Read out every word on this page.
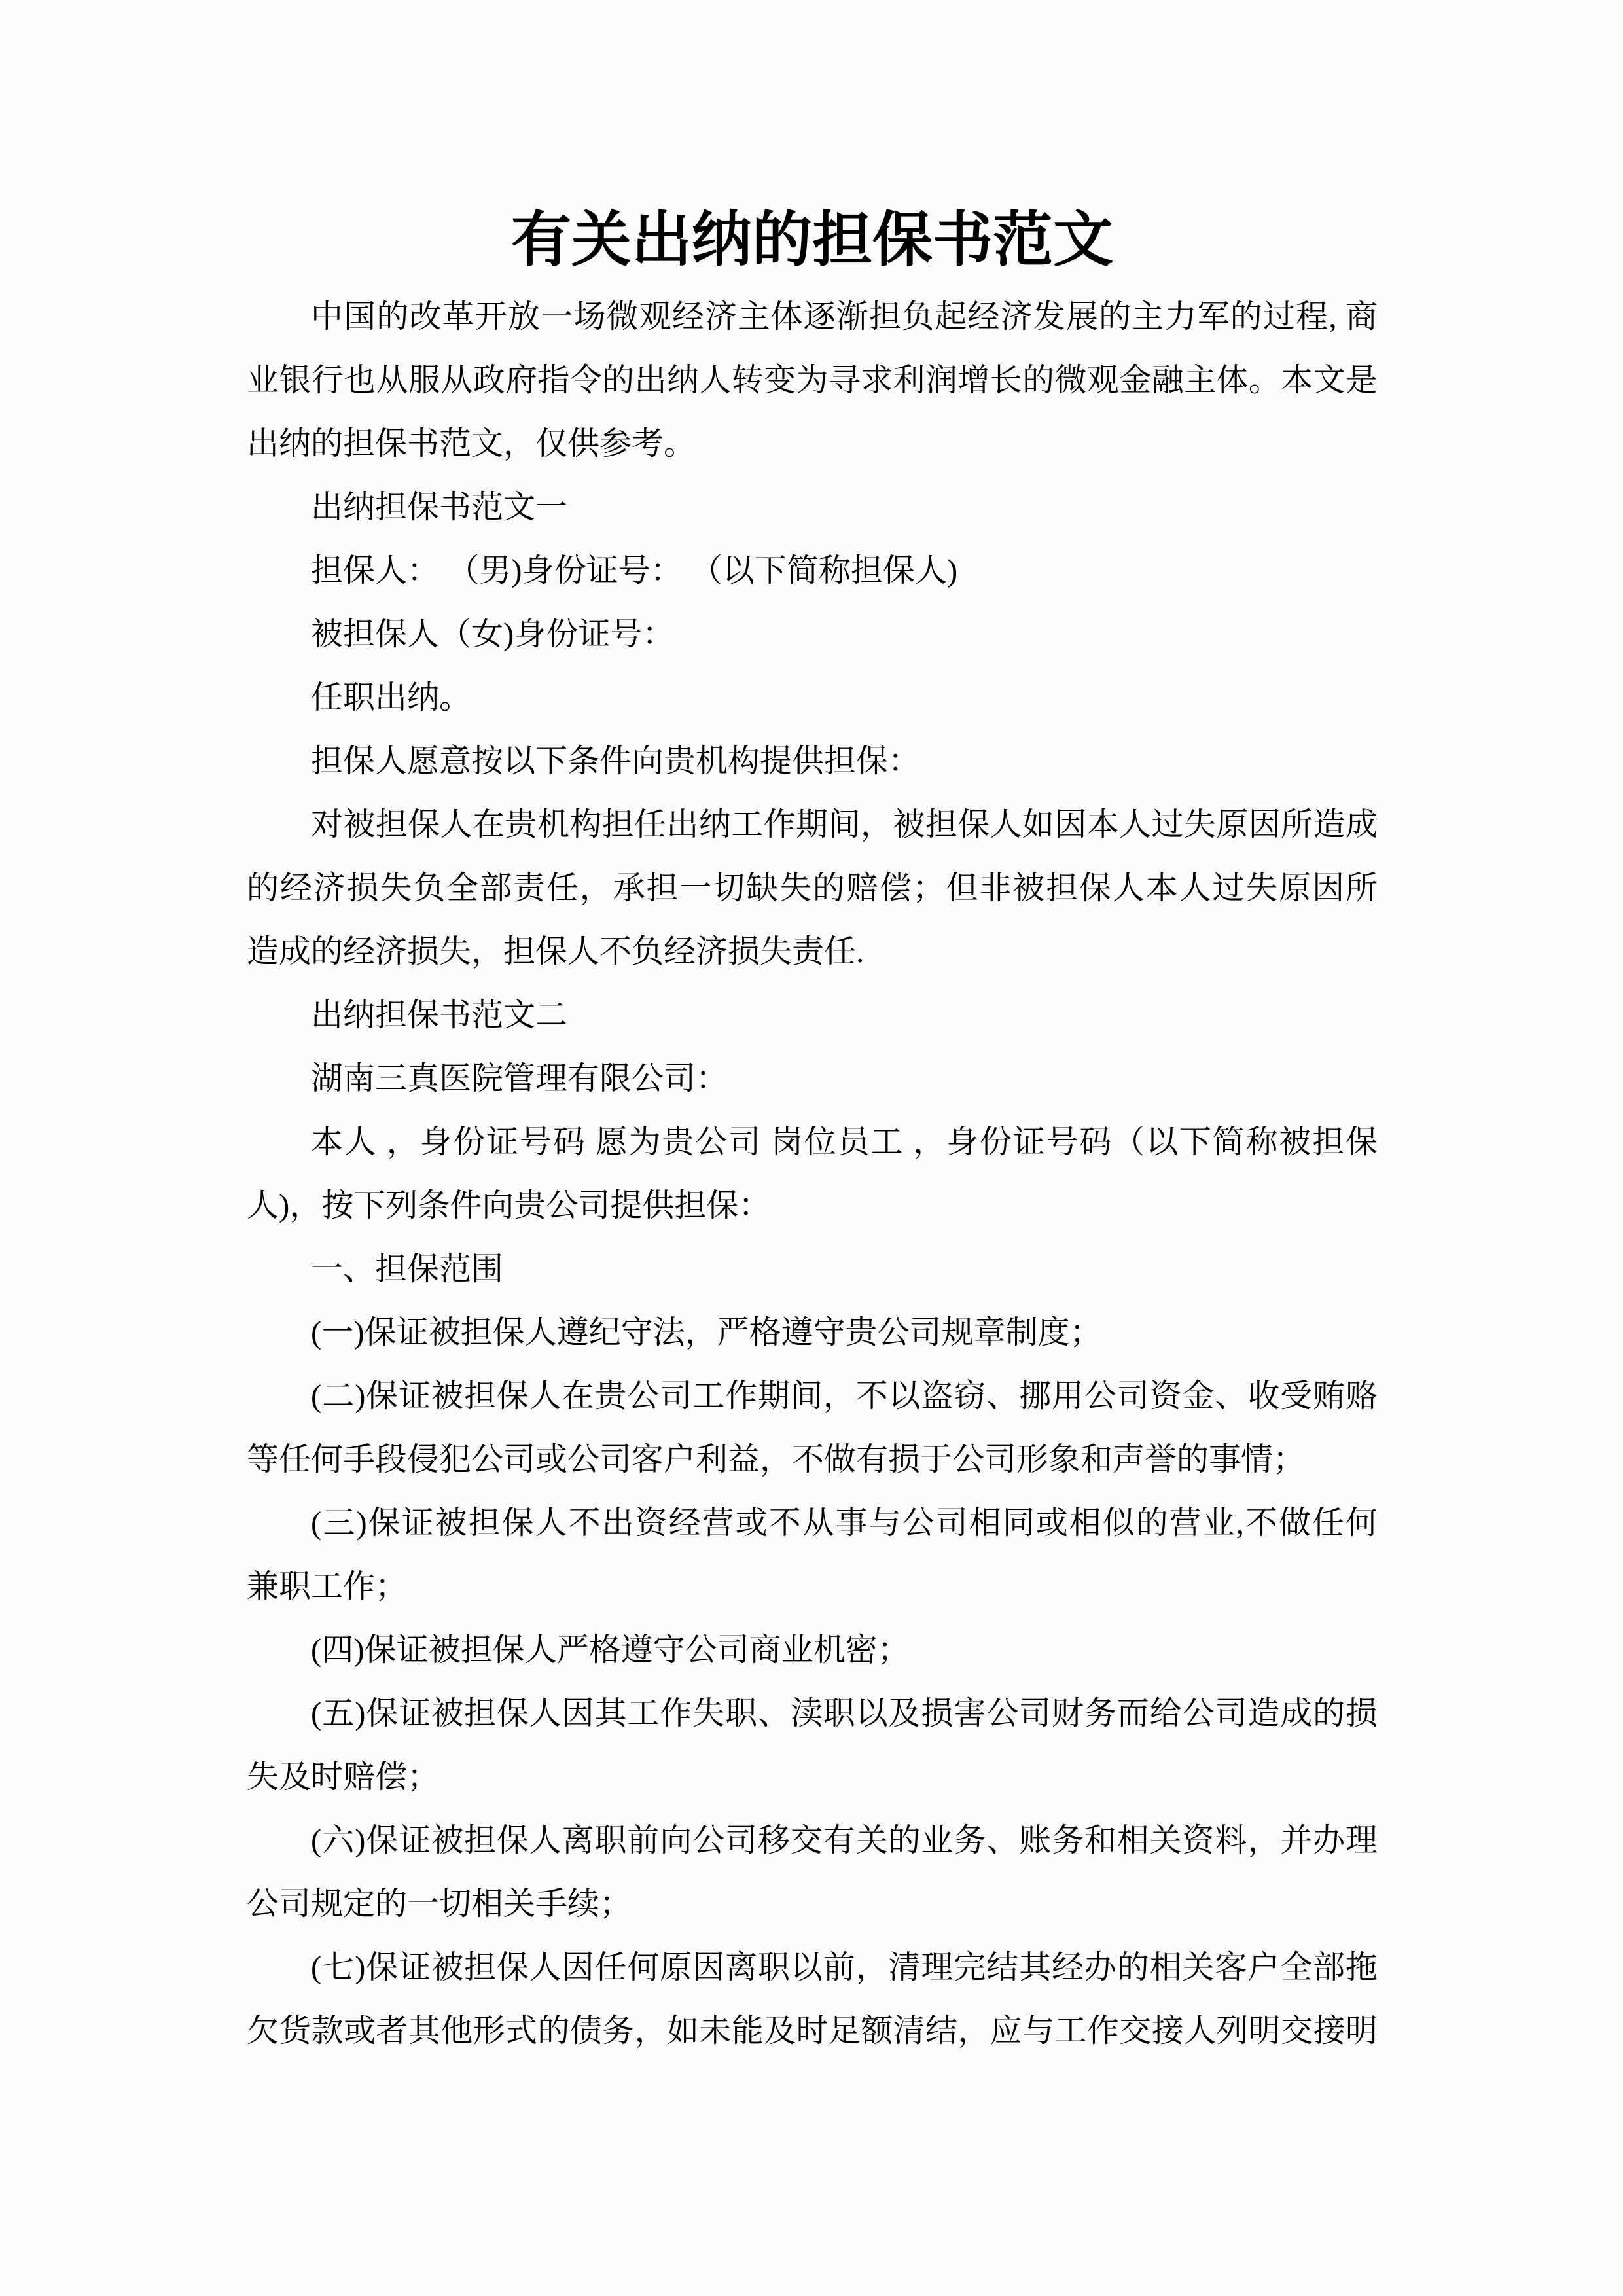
有关出纳的担保书范文
中国的改革开放一场微观经济主体逐渐担负起经济发展的主力军的过程, 商
业银行也从服从政府指令的出纳人转变为寻求利润增长的微观金融主体。本文是
出纳的担保书范文，仅供参考。
出纳担保书范文一
担保人： （男)身份证号： （以下简称担保人)
被担保人（女)身份证号：
任职出纳。
担保人愿意按以下条件向贵机构提供担保：
对被担保人在贵机构担任出纳工作期间，被担保人如因本人过失原因所造成
的经济损失负全部责任，承担一切缺失的赔偿；但非被担保人本人过失原因所
造成的经济损失，担保人不负经济损失责任.
出纳担保书范文二
湖南三真医院管理有限公司：
本人 ，身份证号码 愿为贵公司 岗位员工 ，身份证号码（以下简称被担保
人)，按下列条件向贵公司提供担保：
一、担保范围
(一)保证被担保人遵纪守法，严格遵守贵公司规章制度；
(二)保证被担保人在贵公司工作期间，不以盗窃、挪用公司资金、收受贿赂
等任何手段侵犯公司或公司客户利益，不做有损于公司形象和声誉的事情；
(三)保证被担保人不出资经营或不从事与公司相同或相似的营业,不做任何
兼职工作；
(四)保证被担保人严格遵守公司商业机密；
(五)保证被担保人因其工作失职、渎职以及损害公司财务而给公司造成的损
失及时赔偿；
(六)保证被担保人离职前向公司移交有关的业务、账务和相关资料，并办理
公司规定的一切相关手续；
(七)保证被担保人因任何原因离职以前，清理完结其经办的相关客户全部拖
欠货款或者其他形式的债务，如未能及时足额清结，应与工作交接人列明交接明
